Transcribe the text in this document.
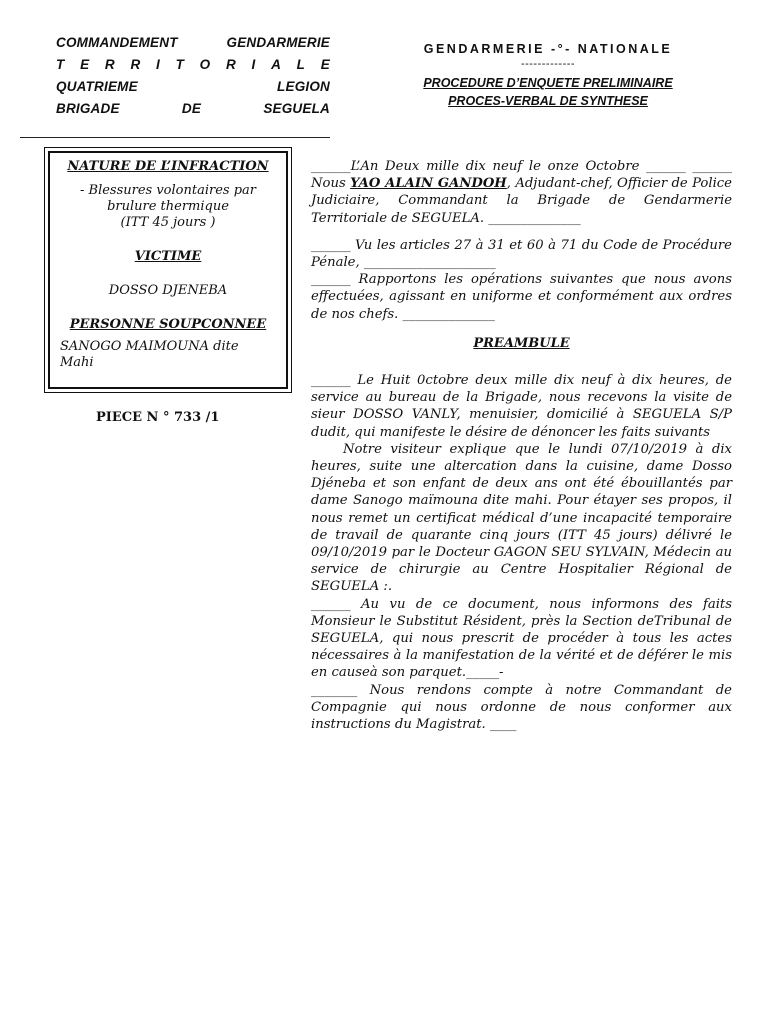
COMMANDEMENT	GENDARMERIE
T E R R I T O R I A L E
QUATRIEME	LEGION
BRIGADE	DE	SEGUELA
GENDARMERIE -°- NATIONALE
-------------
PROCEDURE D’ENQUETE PRELIMINAIRE
PROCES-VERBAL DE SYNTHESE
NATURE DE L’INFRACTION
- Blessures volontaires par
brulure thermique
(ITT 45 jours )
VICTIME
DOSSO DJENEBA
PERSONNE SOUPCONNEE
SANOGO MAIMOUNA dite
Mahi
PIECE N ° 733 /1

______L’An Deux mille dix neuf le onze Octobre ______ ______ Nous YAO ALAIN GANDOH, Adjudant-chef, Officier de Police Judiciaire, Commandant la Brigade de Gendarmerie Territoriale de SEGUELA. ______________

______ Vu les articles 27 à 31 et 60 à 71 du Code de Procédure Pénale, ____________________

______ Rapportons les opérations suivantes que nous avons effectuées, agissant en uniforme et conformément aux ordres de nos chefs. ______________

PREAMBULE

______ Le Huit 0ctobre deux mille dix neuf à dix heures, de service au bureau de la Brigade, nous recevons la visite de sieur DOSSO VANLY, menuisier, domicilié à SEGUELA S/P dudit, qui manifeste le désire de dénoncer les faits suivants

Notre visiteur explique que le lundi 07/10/2019 à dix heures, suite une altercation dans la cuisine, dame Dosso Djéneba et son enfant de deux ans ont été ébouillantés par dame Sanogo maïmouna dite mahi. Pour étayer ses propos, il nous remet un certificat médical d’une incapacité temporaire de travail de quarante cinq jours (ITT 45 jours) délivré le 09/10/2019 par le Docteur GAGON SEU SYLVAIN, Médecin au service de chirurgie au Centre Hospitalier Régional de SEGUELA :.

______ Au vu de ce document, nous informons des faits Monsieur le Substitut Résident, près la Section deTribunal de SEGUELA, qui nous prescrit de procéder à tous les actes nécessaires à la manifestation de la vérité et de déférer le mis en causeà son parquet._____-

_______ Nous rendons compte à notre Commandant de Compagnie qui nous ordonne de nous conformer aux instructions du Magistrat. ____
